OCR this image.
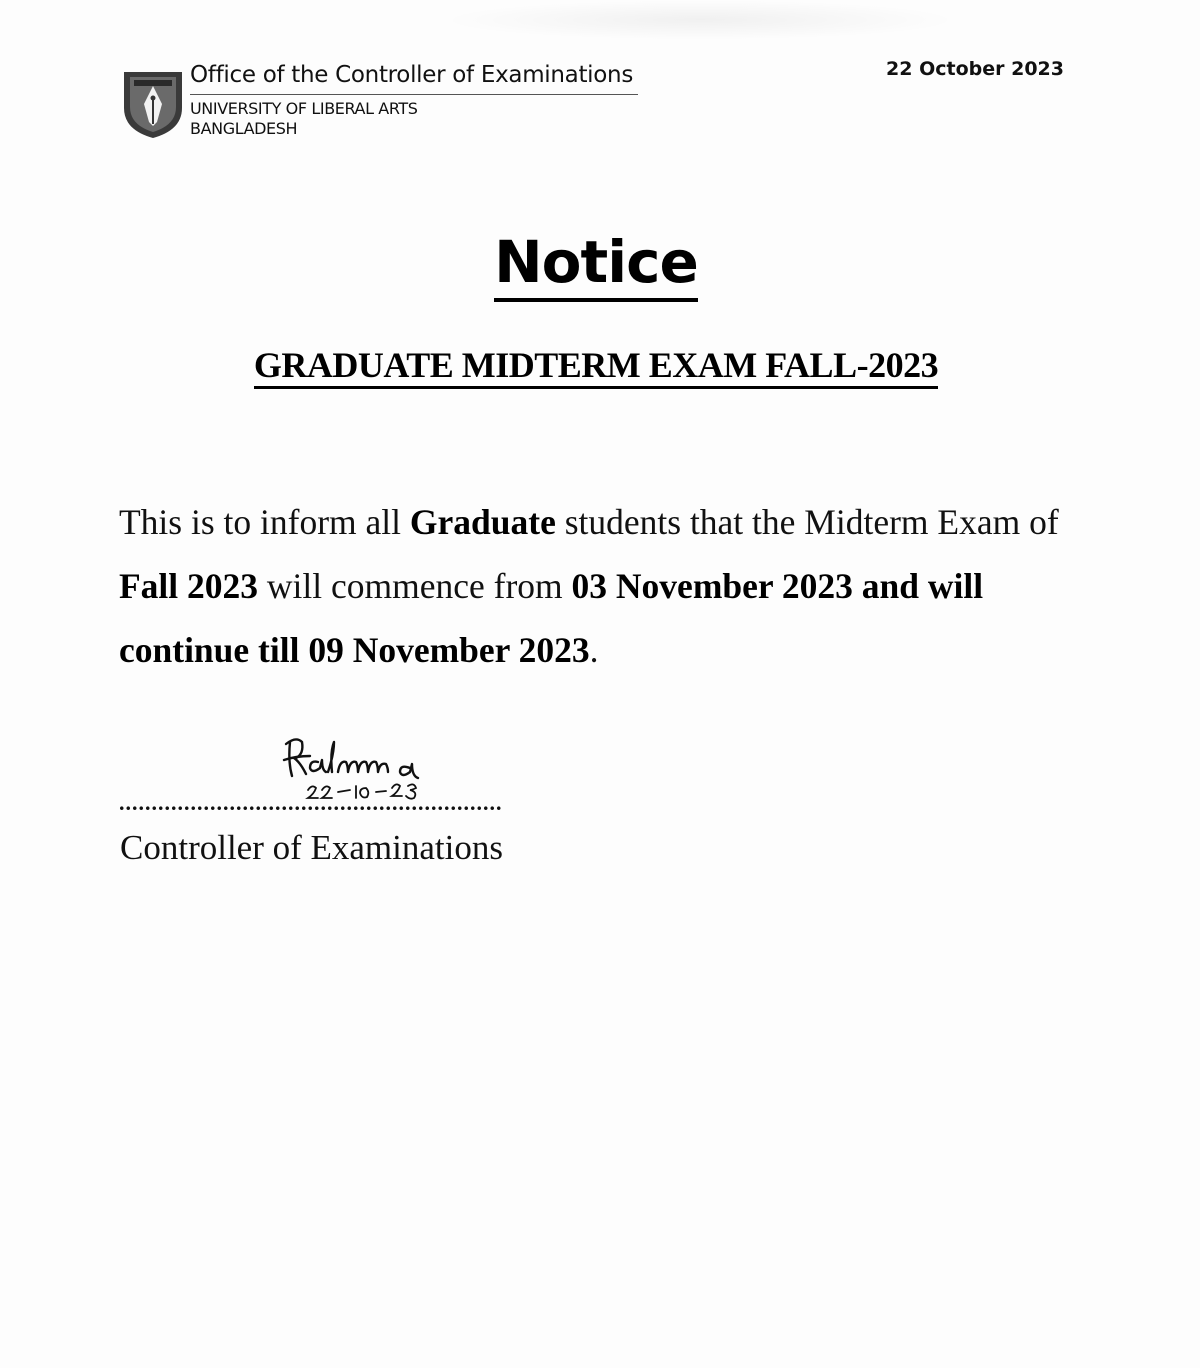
Office of the Controller of Examinations
UNIVERSITY OF LIBERAL ARTS
BANGLADESH
22 October 2023
Notice
GRADUATE MIDTERM EXAM FALL-2023
This is to inform all Graduate students that the Midterm Exam of Fall 2023 will commence from 03 November 2023 and will continue till 09 November 2023.
...........................................................
Controller of Examinations
